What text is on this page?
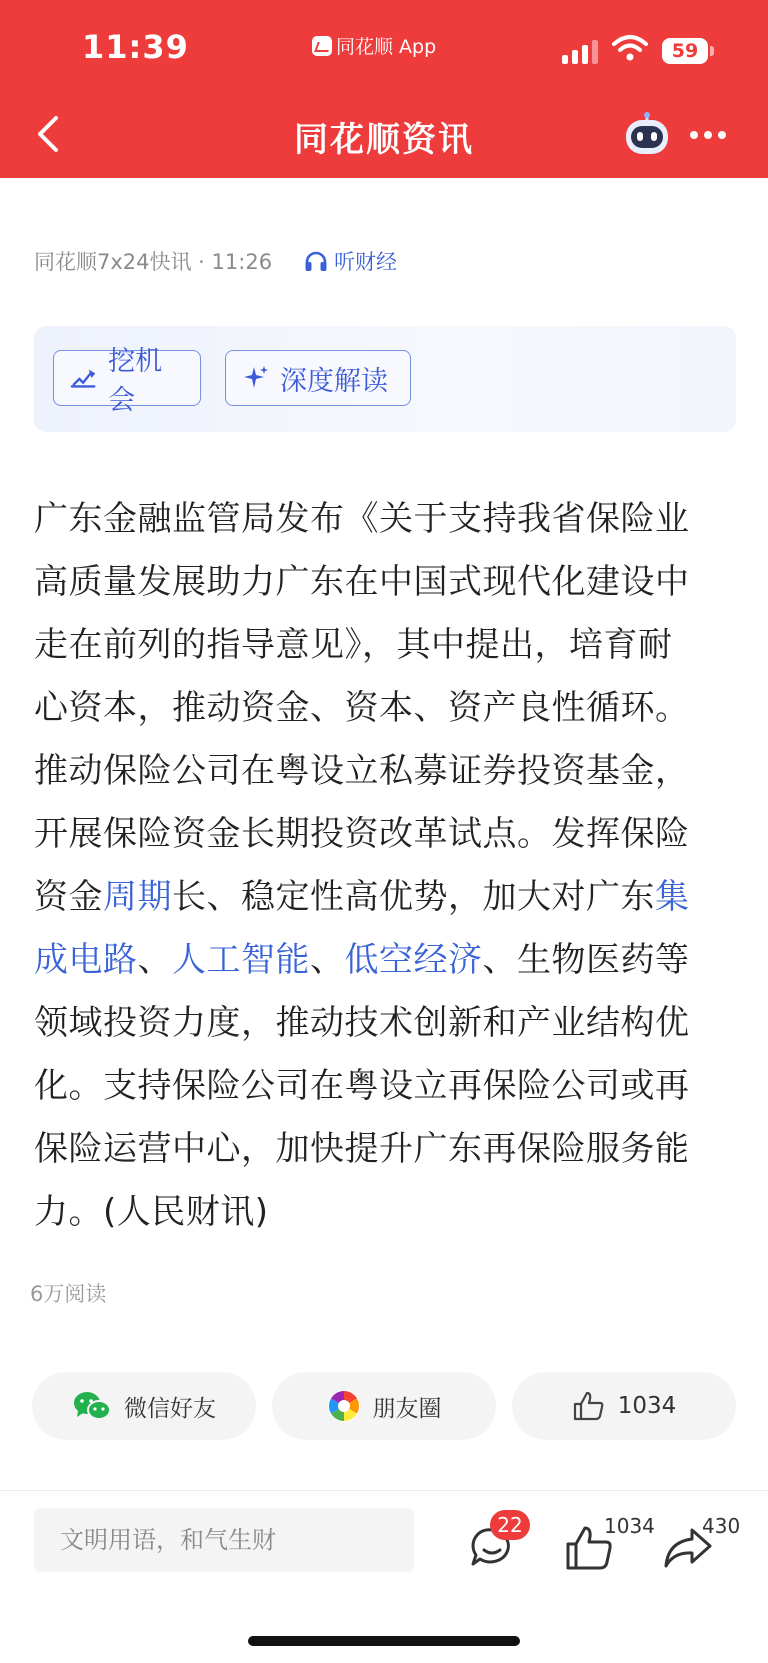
11:39	同花顺 App	59
同花顺资讯
同花顺7x24快讯 · 11:26	听财经
挖机会
深度解读
广东金融监管局发布《关于支持我省保险业
高质量发展助力广东在中国式现代化建设中
走在前列的指导意见》，其中提出，培育耐
心资本，推动资金、资本、资产良性循环。
推动保险公司在粤设立私募证券投资基金，
开展保险资金长期投资改革试点。发挥保险
资金周期长、稳定性高优势，加大对广东集
成电路、人工智能、低空经济、生物医药等
领域投资力度，推动技术创新和产业结构优
化。支持保险公司在粤设立再保险公司或再
保险运营中心，加快提升广东再保险服务能
力。(人民财讯)
6万阅读
微信好友	朋友圈	1034
文明用语，和气生财
22	1034 430
